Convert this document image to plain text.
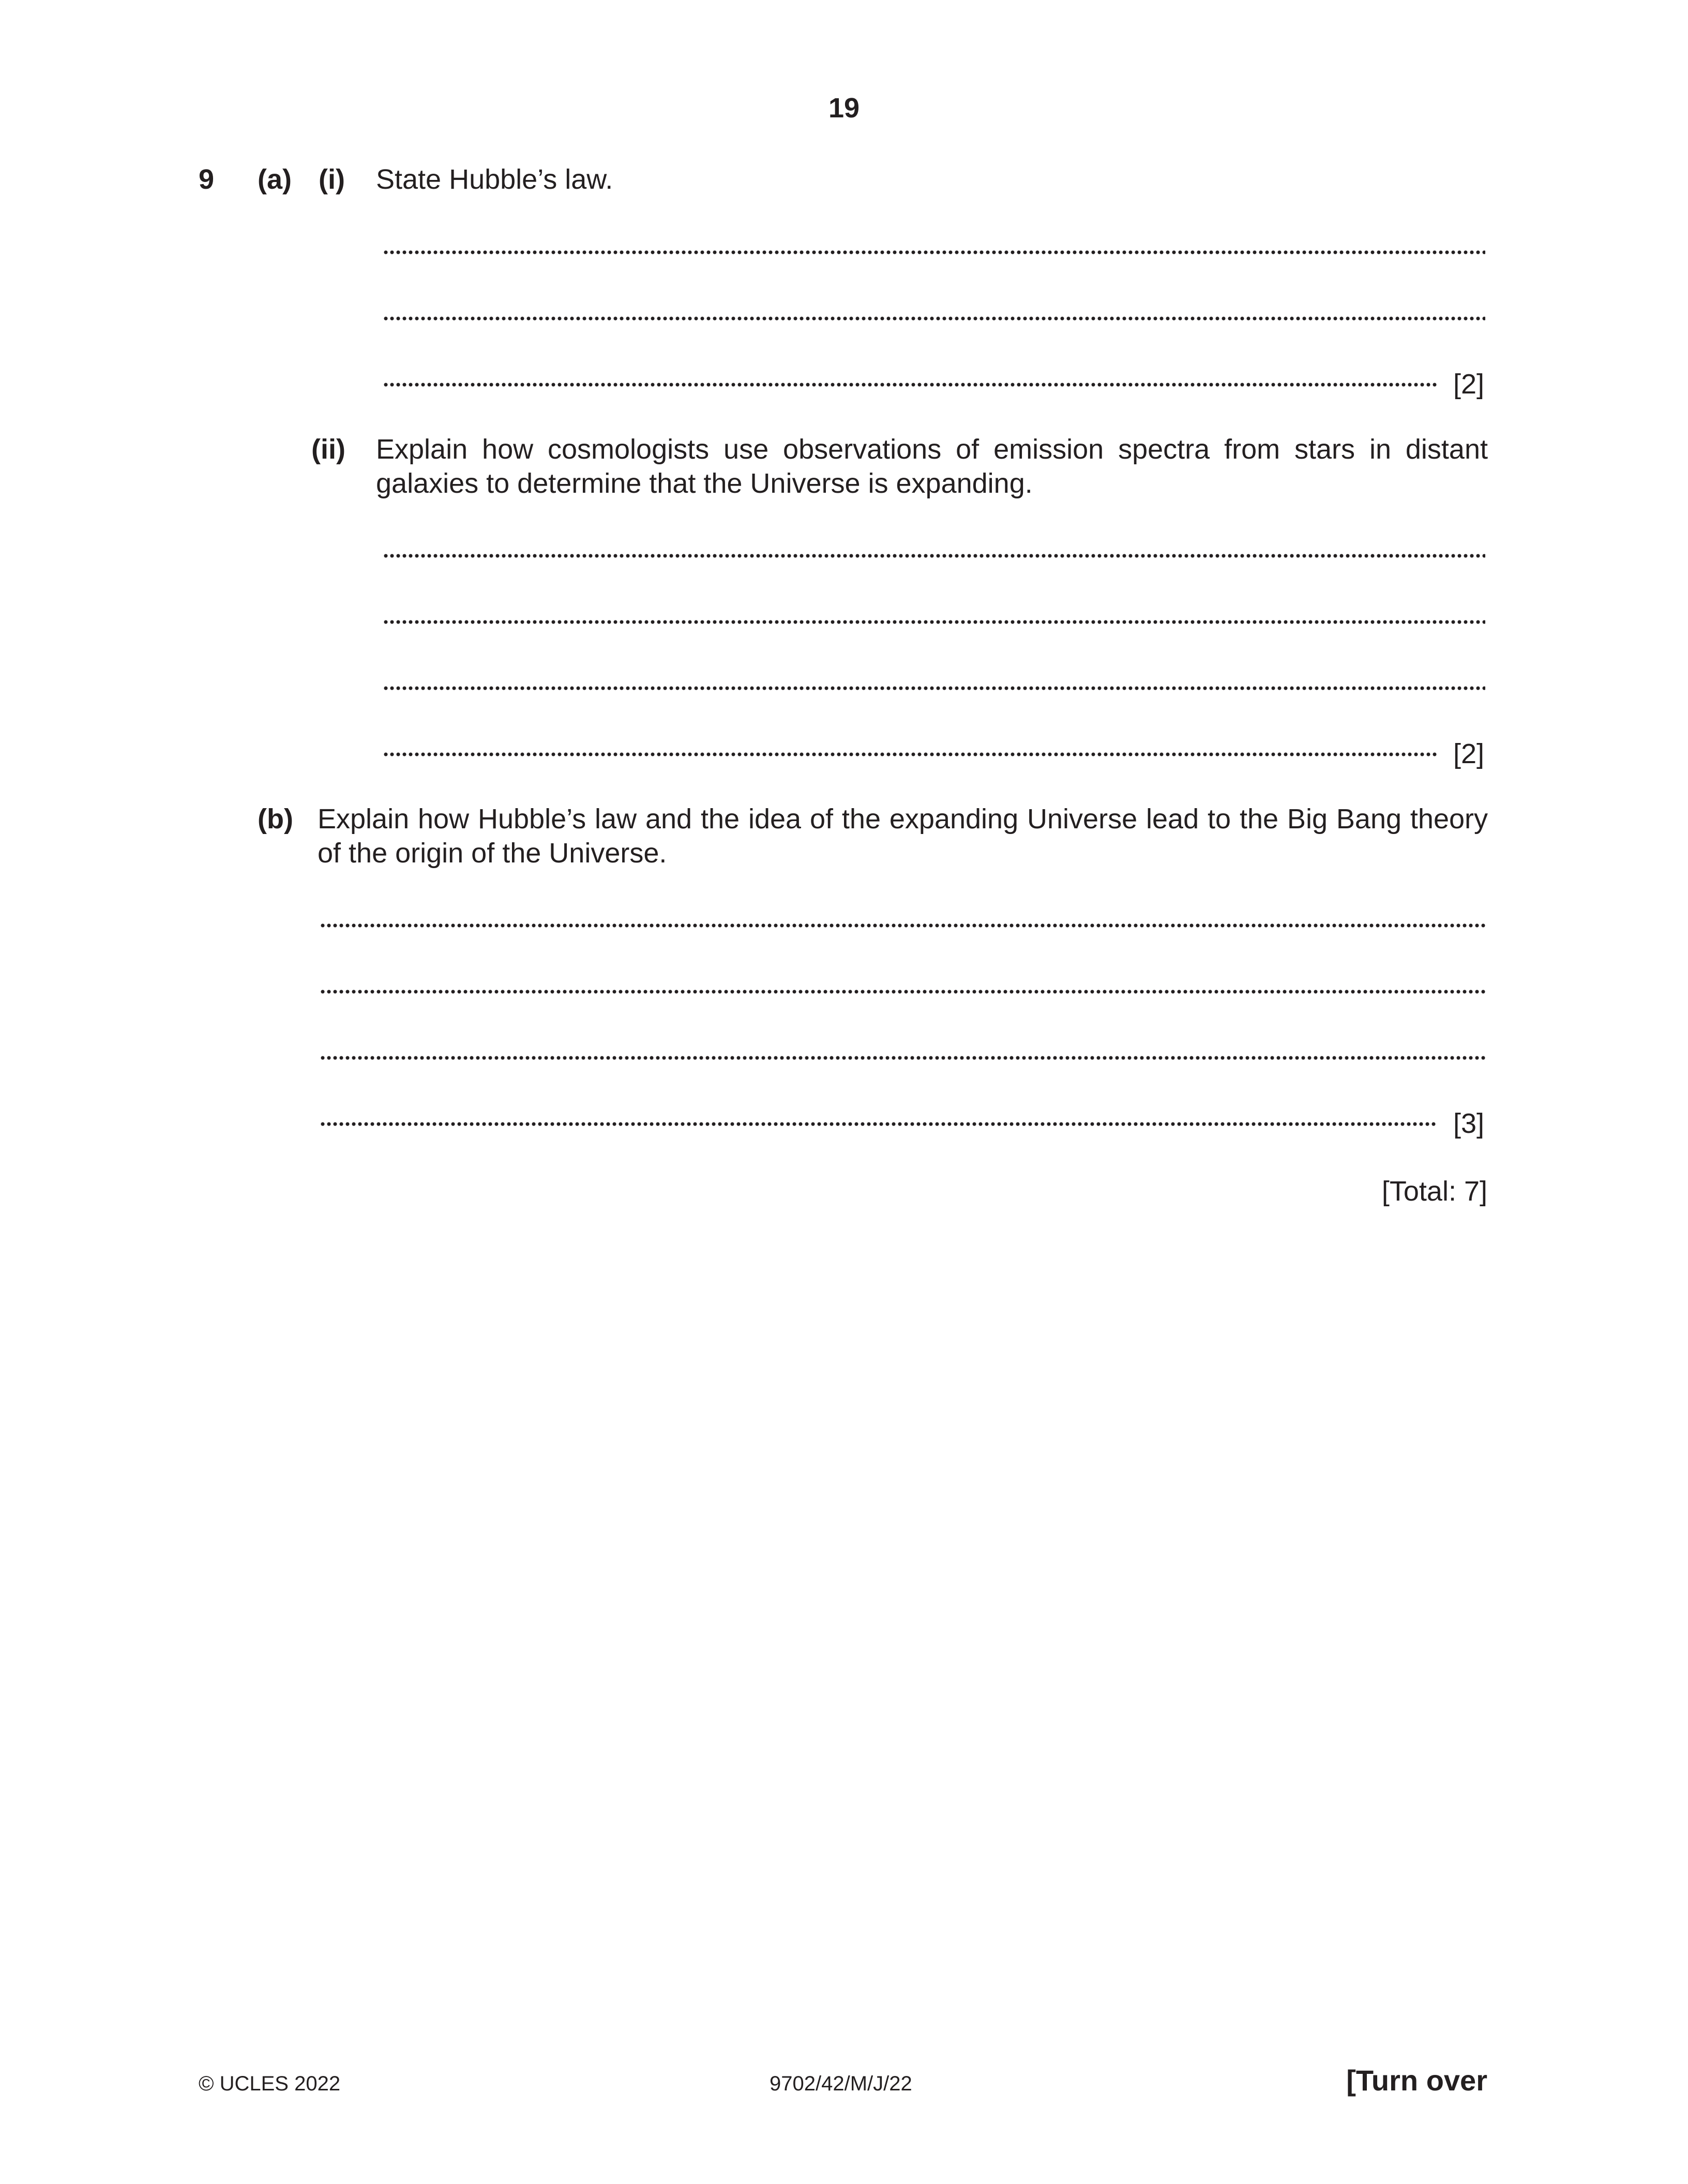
19
9 (a) (i) State Hubble’s law.
[2]
(ii) Explain how cosmologists use observations of emission spectra from stars in distant galaxies to determine that the Universe is expanding.
[2]
(b) Explain how Hubble’s law and the idea of the expanding Universe lead to the Big Bang theory of the origin of the Universe.
[3]
[Total: 7]
© UCLES 2022	9702/42/M/J/22	[Turn over
